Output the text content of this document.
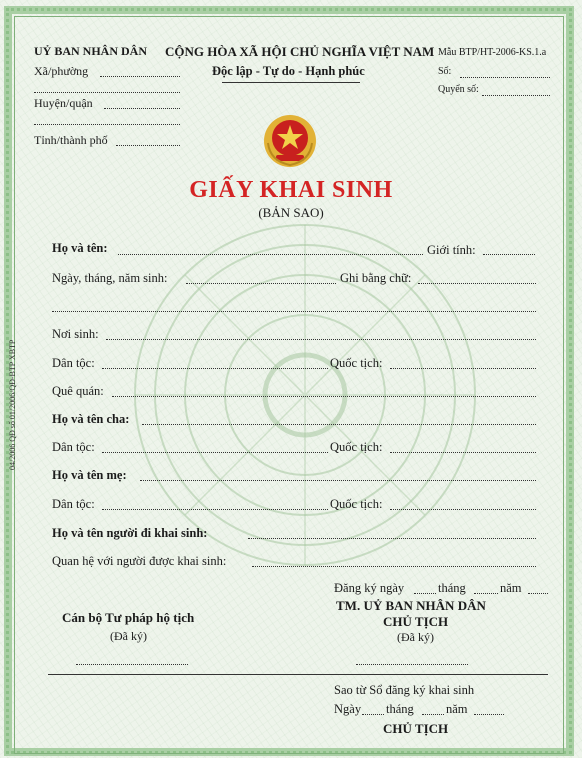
04/2006 QĐ số 01/2006/QĐ-BTP XBTP
UỶ BAN NHÂN DÂN
Xã/phường
Huyện/quận
Tỉnh/thành phố
CỘNG HÒA XÃ HỘI CHỦ NGHĨA VIỆT NAM
Độc lập - Tự do - Hạnh phúc
Mẫu BTP/HT-2006-KS.1.a
Số:
Quyển số:
GIẤY KHAI SINH
(BẢN SAO)
Họ và tên:	Giới tính:
Ngày, tháng, năm sinh:	Ghi bằng chữ:
Nơi sinh:
Dân tộc:	Quốc tịch:
Quê quán:
Họ và tên cha:
Dân tộc:	Quốc tịch:
Họ và tên mẹ:
Dân tộc:	Quốc tịch:
Họ và tên người đi khai sinh:
Quan hệ với người được khai sinh:
Đăng ký ngày	tháng	năm
TM. UỶ BAN NHÂN DÂN
CHỦ TỊCH
(Đã ký)
Cán bộ Tư pháp hộ tịch
(Đã ký)
Sao từ Sổ đăng ký khai sinh
Ngày tháng	năm
CHỦ TỊCH
